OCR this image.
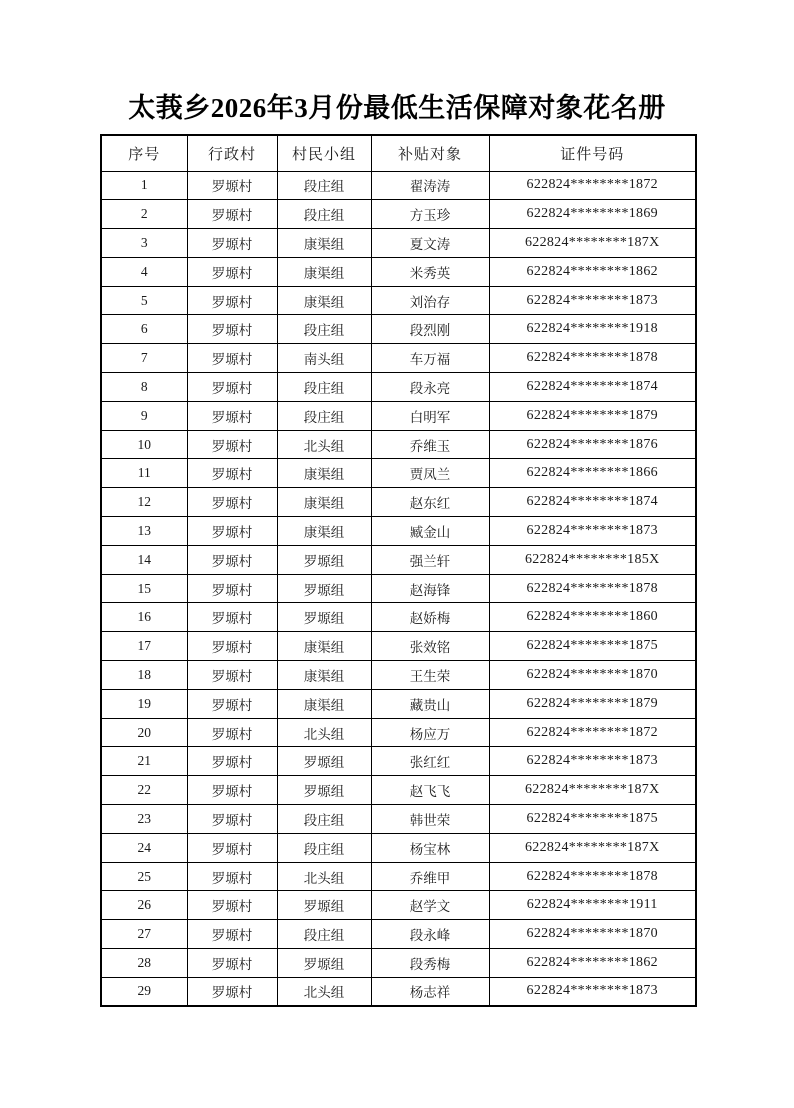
太莪乡2026年3月份最低生活保障对象花名册
序号	行政村	村民小组	补贴对象	证件号码
1	罗塬村	段庄组	翟涛涛	622824********1872
2	罗塬村	段庄组	方玉珍	622824********1869
3	罗塬村	康渠组	夏文涛	622824********187X
4	罗塬村	康渠组	米秀英	622824********1862
5	罗塬村	康渠组	刘治存	622824********1873
6	罗塬村	段庄组	段烈刚	622824********1918
7	罗塬村	南头组	车万福	622824********1878
8	罗塬村	段庄组	段永亮	622824********1874
9	罗塬村	段庄组	白明军	622824********1879
10	罗塬村	北头组	乔维玉	622824********1876
11	罗塬村	康渠组	贾凤兰	622824********1866
12	罗塬村	康渠组	赵东红	622824********1874
13	罗塬村	康渠组	臧金山	622824********1873
14	罗塬村	罗塬组	强兰轩	622824********185X
15	罗塬村	罗塬组	赵海锋	622824********1878
16	罗塬村	罗塬组	赵娇梅	622824********1860
17	罗塬村	康渠组	张效铭	622824********1875
18	罗塬村	康渠组	王生荣	622824********1870
19	罗塬村	康渠组	藏贵山	622824********1879
20	罗塬村	北头组	杨应万	622824********1872
21	罗塬村	罗塬组	张红红	622824********1873
22	罗塬村	罗塬组	赵飞飞	622824********187X
23	罗塬村	段庄组	韩世荣	622824********1875
24	罗塬村	段庄组	杨宝林	622824********187X
25	罗塬村	北头组	乔维甲	622824********1878
26	罗塬村	罗塬组	赵学文	622824********1911
27	罗塬村	段庄组	段永峰	622824********1870
28	罗塬村	罗塬组	段秀梅	622824********1862
29	罗塬村	北头组	杨志祥	622824********1873
